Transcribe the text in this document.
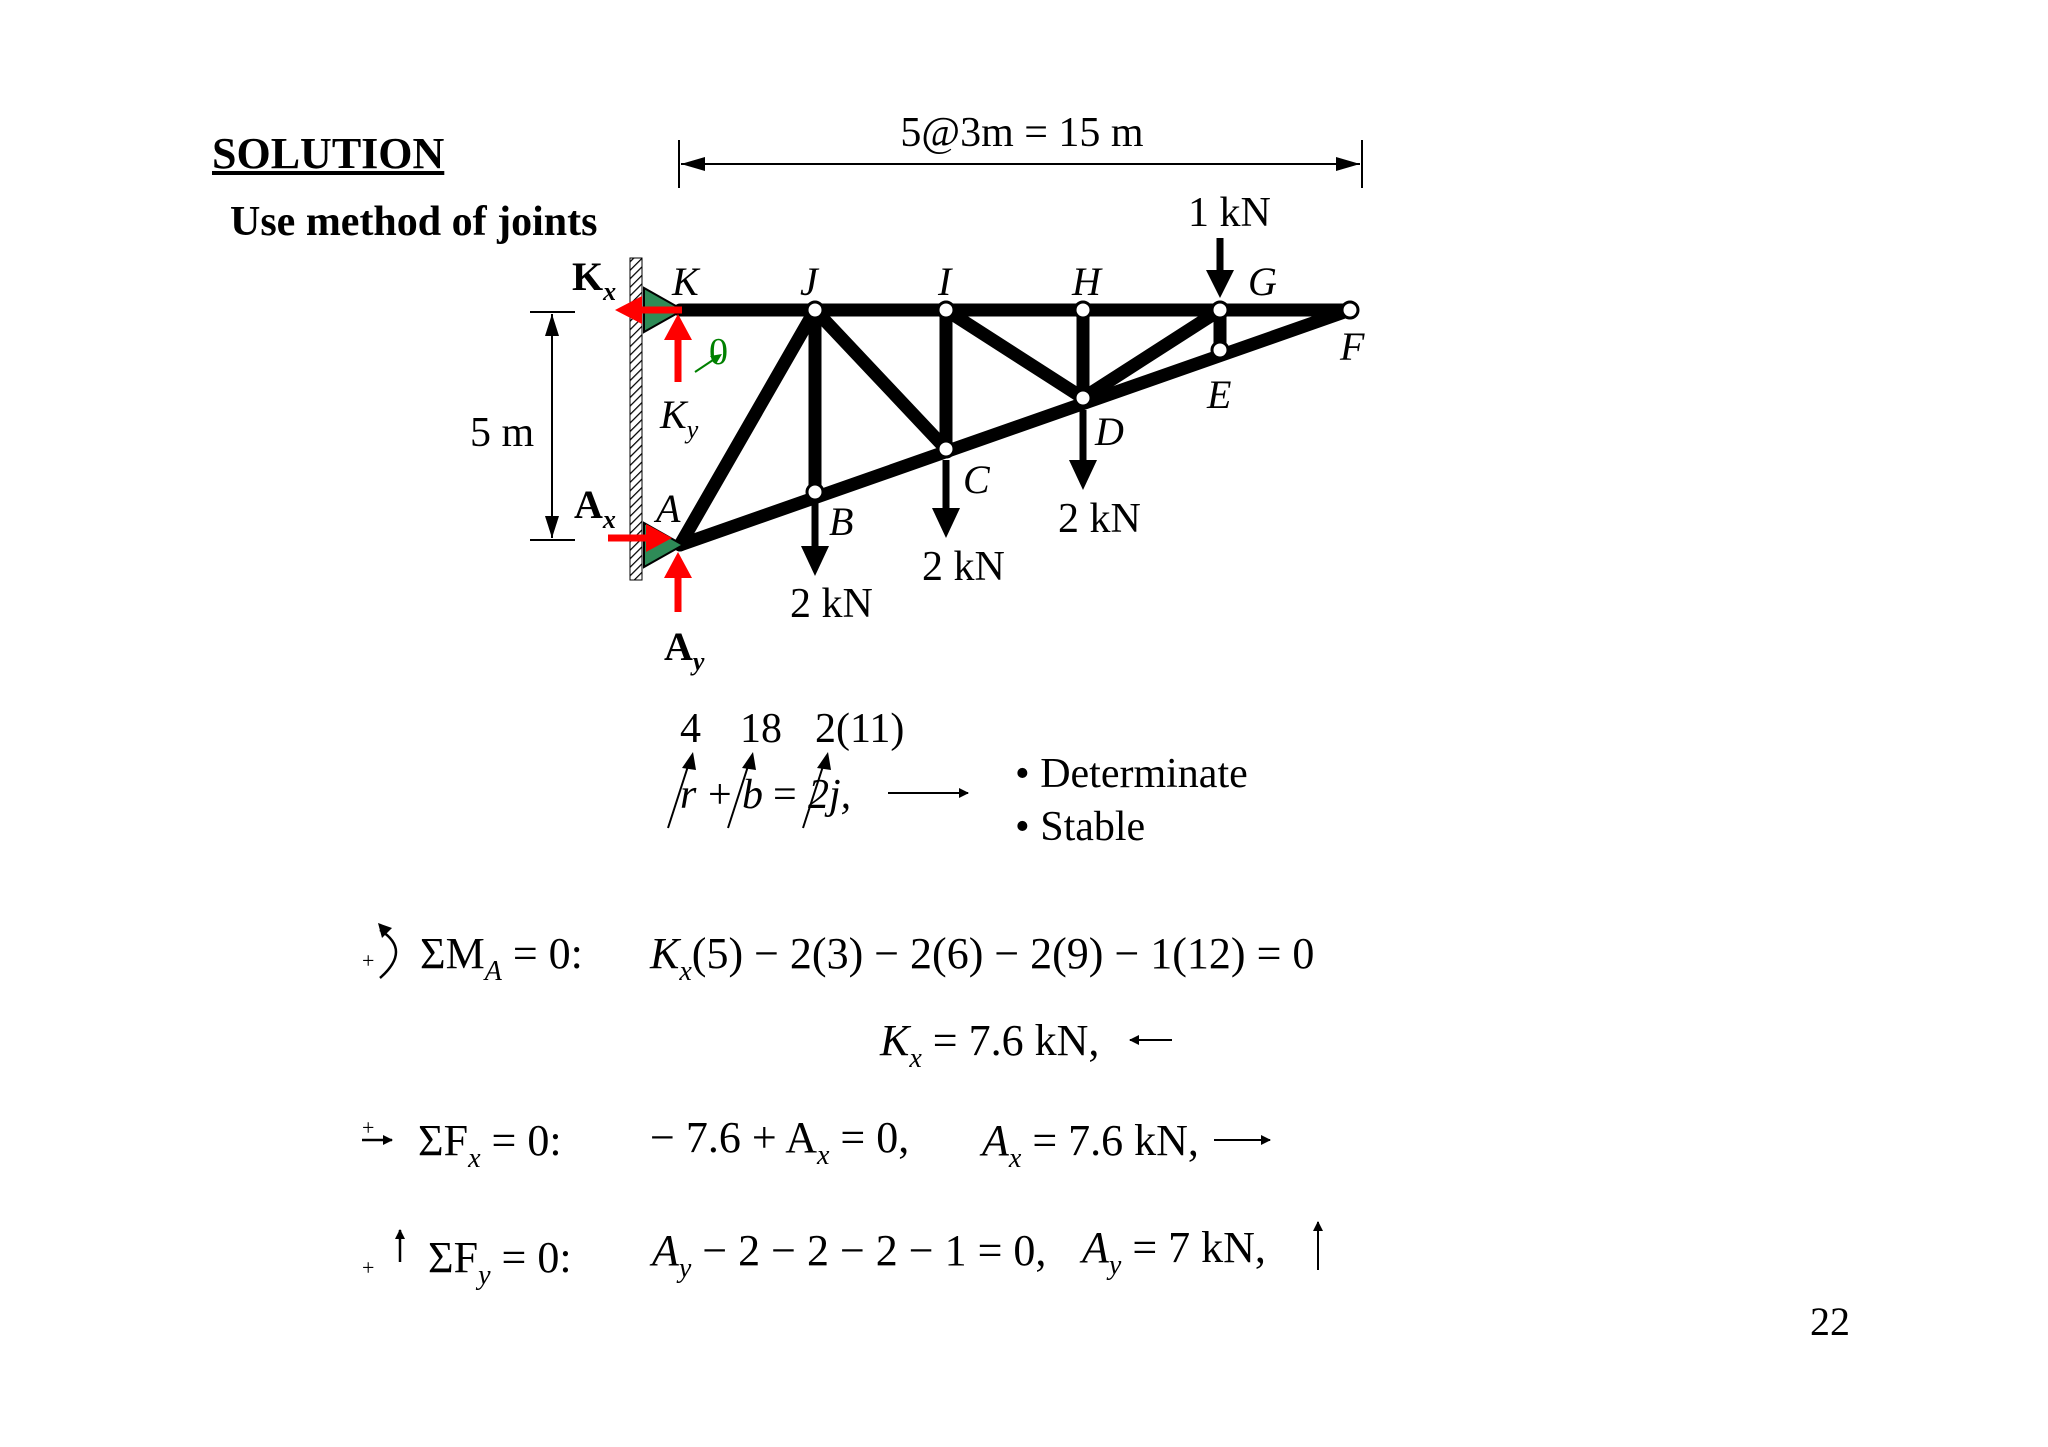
SOLUTION
Use method of joints
5@3m = 15 m
5 m
0
1 kN
2 kN
2 kN
2 kN
K	J	I	H	G
F
E
D
C
B
A
$K_x$
$K_y$
$A_x$
$A_y$
4 18 2(11)
r + b = 2j,	• Determinate
• Stable
+ $\Sigma M_A = 0$: $K_x(5) - 2(3) - 2(6) - 2(9) - 1(12) = 0$
$K_x = 7.6$ kN,
+ $\Sigma F_x = 0$: − $7.6 + A_x = 0$, $A_x = 7.6$ kN,
+ $\Sigma F_y = 0$: $A_y - 2 - 2 - 2 - 1 = 0$, $A_y = 7$ kN,
22
